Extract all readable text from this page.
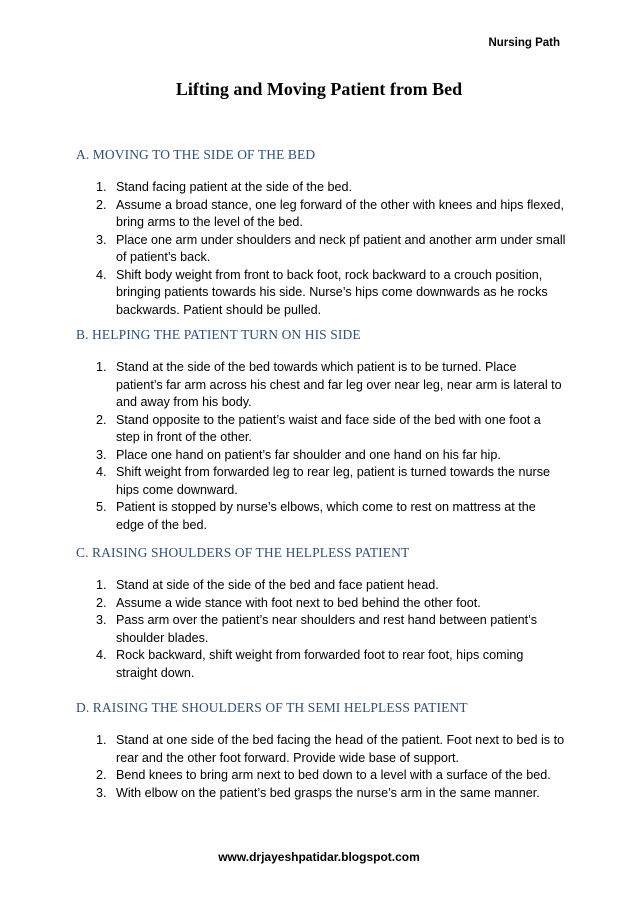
Nursing Path
Lifting and Moving Patient from Bed
A. MOVING TO THE SIDE OF THE BED
1. Stand facing patient at the side of the bed.
2. Assume a broad stance, one leg forward of the other with knees and hips flexed, bring arms to the level of the bed.
3. Place one arm under shoulders and neck pf patient and another arm under small of patient’s back.
4. Shift body weight from front to back foot, rock backward to a crouch position, bringing patients towards his side. Nurse’s hips come downwards as he rocks backwards. Patient should be pulled.
B. HELPING THE PATIENT TURN ON HIS SIDE
1. Stand at the side of the bed towards which patient is to be turned. Place patient’s far arm across his chest and far leg over near leg, near arm is lateral to and away from his body.
2. Stand opposite to the patient’s waist and face side of the bed with one foot a step in front of the other.
3. Place one hand on patient’s far shoulder and one hand on his far hip.
4. Shift weight from forwarded leg to rear leg, patient is turned towards the nurse hips come downward.
5. Patient is stopped by nurse’s elbows, which come to rest on mattress at the edge of the bed.
C. RAISING SHOULDERS OF THE HELPLESS PATIENT
1. Stand at side of the side of the bed and face patient head.
2. Assume a wide stance with foot next to bed behind the other foot.
3. Pass arm over the patient’s near shoulders and rest hand between patient’s shoulder blades.
4. Rock backward, shift weight from forwarded foot to rear foot, hips coming straight down.
D. RAISING THE SHOULDERS OF TH SEMI HELPLESS PATIENT
1. Stand at one side of the bed facing the head of the patient. Foot next to bed is to rear and the other foot forward. Provide wide base of support.
2. Bend knees to bring arm next to bed down to a level with a surface of the bed.
3. With elbow on the patient’s bed grasps the nurse’s arm in the same manner.
www.drjayeshpatidar.blogspot.com
